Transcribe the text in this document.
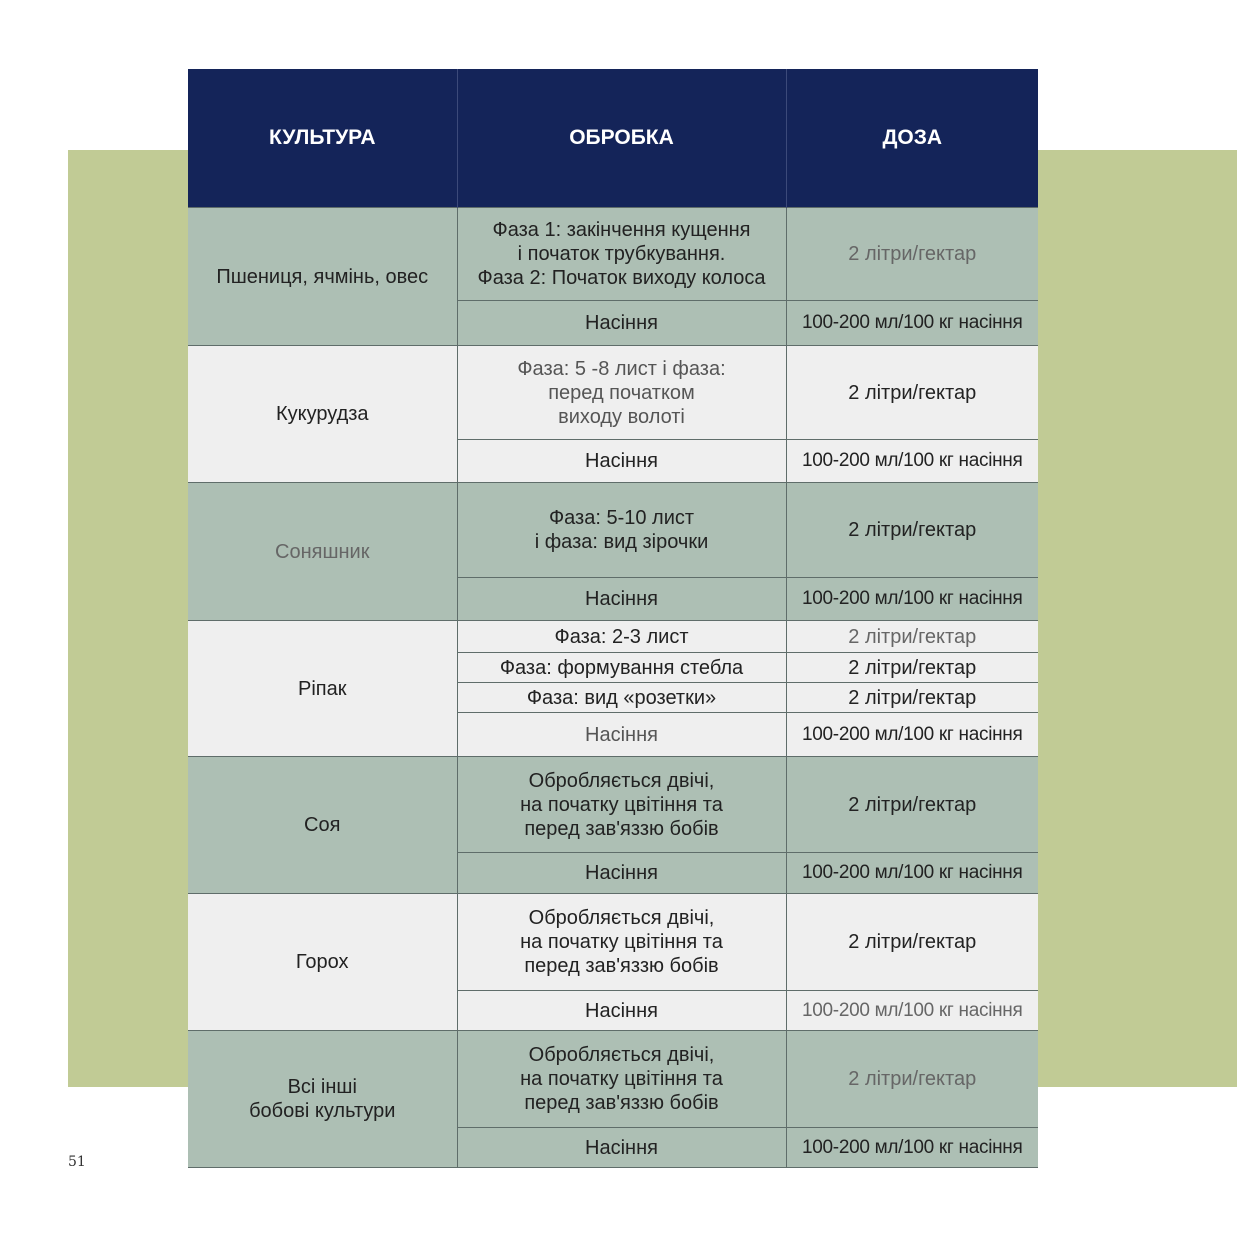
КУЛЬТУРА	ОБРОБКА	ДОЗА
Пшениця, ячмінь, овес	Фаза 1: закінчення кущення
і початок трубкування.
Фаза 2: Початок виходу колоса	2 літри/гектар
	Насіння	100-200 мл/100 кг насіння
Кукурудза	Фаза: 5 -8 лист і фаза:
перед початком
виходу волоті	2 літри/гектар
	Насіння	100-200 мл/100 кг насіння
Соняшник	Фаза: 5-10 лист
і фаза: вид зірочки	2 літри/гектар
	Насіння	100-200 мл/100 кг насіння
Ріпак	Фаза: 2-3 лист	2 літри/гектар
	Фаза: формування стебла	2 літри/гектар
	Фаза: вид «розетки»	2 літри/гектар
	Насіння	100-200 мл/100 кг насіння
Соя	Обробляється двічі,
на початку цвітіння та
перед зав'яззю бобів	2 літри/гектар
	Насіння	100-200 мл/100 кг насіння
Горох	Обробляється двічі,
на початку цвітіння та
перед зав'яззю бобів	2 літри/гектар
	Насіння	100-200 мл/100 кг насіння
Всі інші
бобові культури	Обробляється двічі,
на початку цвітіння та
перед зав'яззю бобів	2 літри/гектар
	Насіння	100-200 мл/100 кг насіння
51
